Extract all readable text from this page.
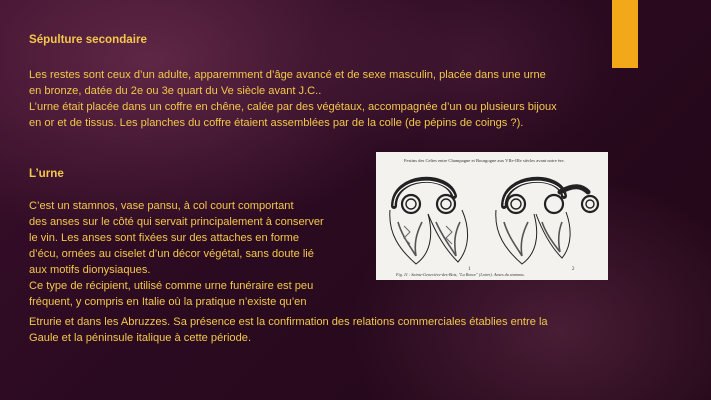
Sépulture secondaire

Les restes sont ceux d’un adulte, apparemment d’âge avancé et de sexe masculin, placée dans une urne
en bronze, datée du 2e ou 3e quart du Ve siècle avant J.C..
L’urne était placée dans un coffre en chêne, calée par des végétaux, accompagnée d’un ou plusieurs bijoux
en or et de tissus. Les planches du coffre étaient assemblées par de la colle (de pépins de coings ?).

L’urne

C’est un stamnos, vase pansu, à col court comportant
des anses sur le côté qui servait principalement à conserver
le vin. Les anses sont fixées sur des attaches en forme
d’écu, ornées au ciselet d’un décor végétal, sans doute lié
aux motifs dionysiaques.
Ce type de récipient, utilisé comme urne funéraire est peu
fréquent, y compris en Italie où la pratique n’existe qu’en
Etrurie et dans les Abruzzes. Sa présence est la confirmation des relations commerciales établies entre la
Gaule et la péninsule italique à cette période.
Festins des Celtes entre Champagne et Bourgogne aux VIIe-IIIe siècles avant notre ère.
1	2
Fig. 11 : Sainte-Geneviève-des-Bois, "La Ronce" (Loiret). Anses du stamnos.
